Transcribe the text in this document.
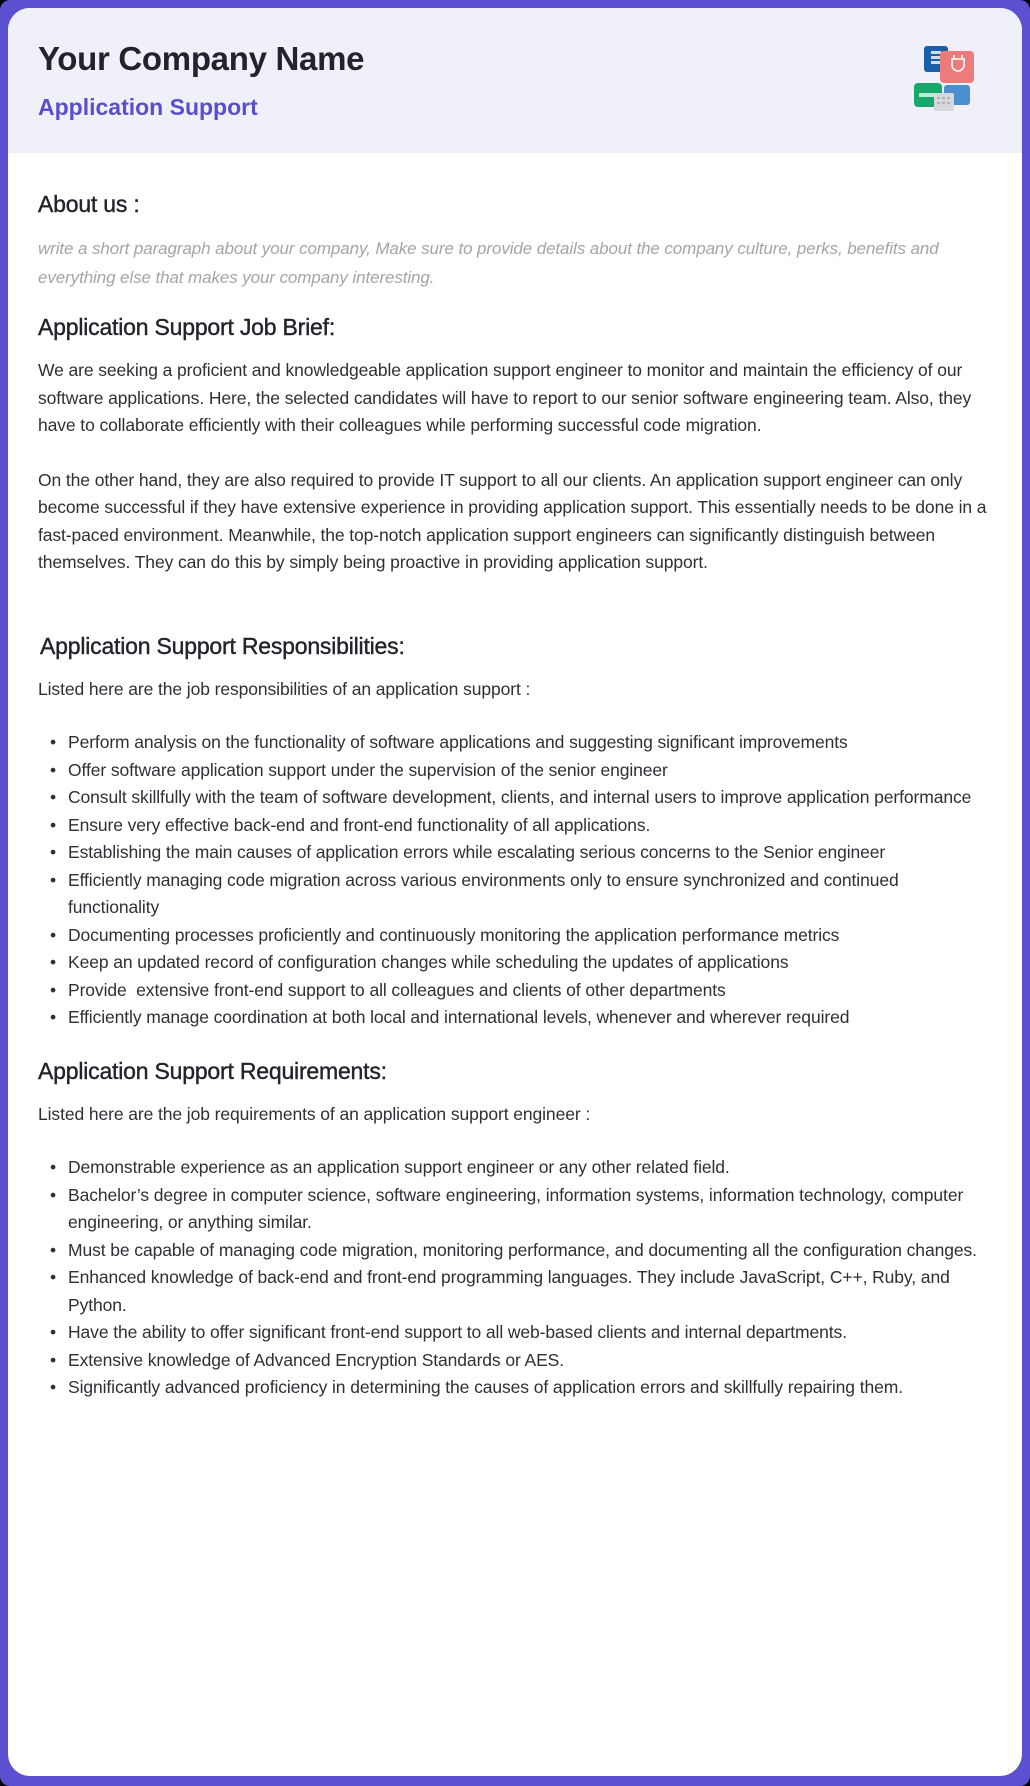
Your Company Name
Application Support
About us :

write a short paragraph about your company, Make sure to provide details about the company culture, perks, benefits and everything else that makes your company interesting.

Application Support Job Brief:

We are seeking a proficient and knowledgeable application support engineer to monitor and maintain the efficiency of our software applications. Here, the selected candidates will have to report to our senior software engineering team. Also, they have to collaborate efficiently with their colleagues while performing successful code migration.

On the other hand, they are also required to provide IT support to all our clients. An application support engineer can only become successful if they have extensive experience in providing application support. This essentially needs to be done in a fast-paced environment. Meanwhile, the top-notch application support engineers can significantly distinguish between themselves. They can do this by simply being proactive in providing application support.

Application Support Responsibilities:

Listed here are the job responsibilities of an application support :

• Perform analysis on the functionality of software applications and suggesting significant improvements
• Offer software application support under the supervision of the senior engineer
• Consult skillfully with the team of software development, clients, and internal users to improve application performance
• Ensure very effective back-end and front-end functionality of all applications.
• Establishing the main causes of application errors while escalating serious concerns to the Senior engineer
• Efficiently managing code migration across various environments only to ensure synchronized and continued functionality
• Documenting processes proficiently and continuously monitoring the application performance metrics
• Keep an updated record of configuration changes while scheduling the updates of applications
• Provide  extensive front-end support to all colleagues and clients of other departments
• Efficiently manage coordination at both local and international levels, whenever and wherever required
Application Support Requirements:

Listed here are the job requirements of an application support engineer :

• Demonstrable experience as an application support engineer or any other related field.
• Bachelor’s degree in computer science, software engineering, information systems, information technology, computer engineering, or anything similar.
• Must be capable of managing code migration, monitoring performance, and documenting all the configuration changes.
• Enhanced knowledge of back-end and front-end programming languages. They include JavaScript, C++, Ruby, and Python.
• Have the ability to offer significant front-end support to all web-based clients and internal departments.
• Extensive knowledge of Advanced Encryption Standards or AES.
• Significantly advanced proficiency in determining the causes of application errors and skillfully repairing them.
